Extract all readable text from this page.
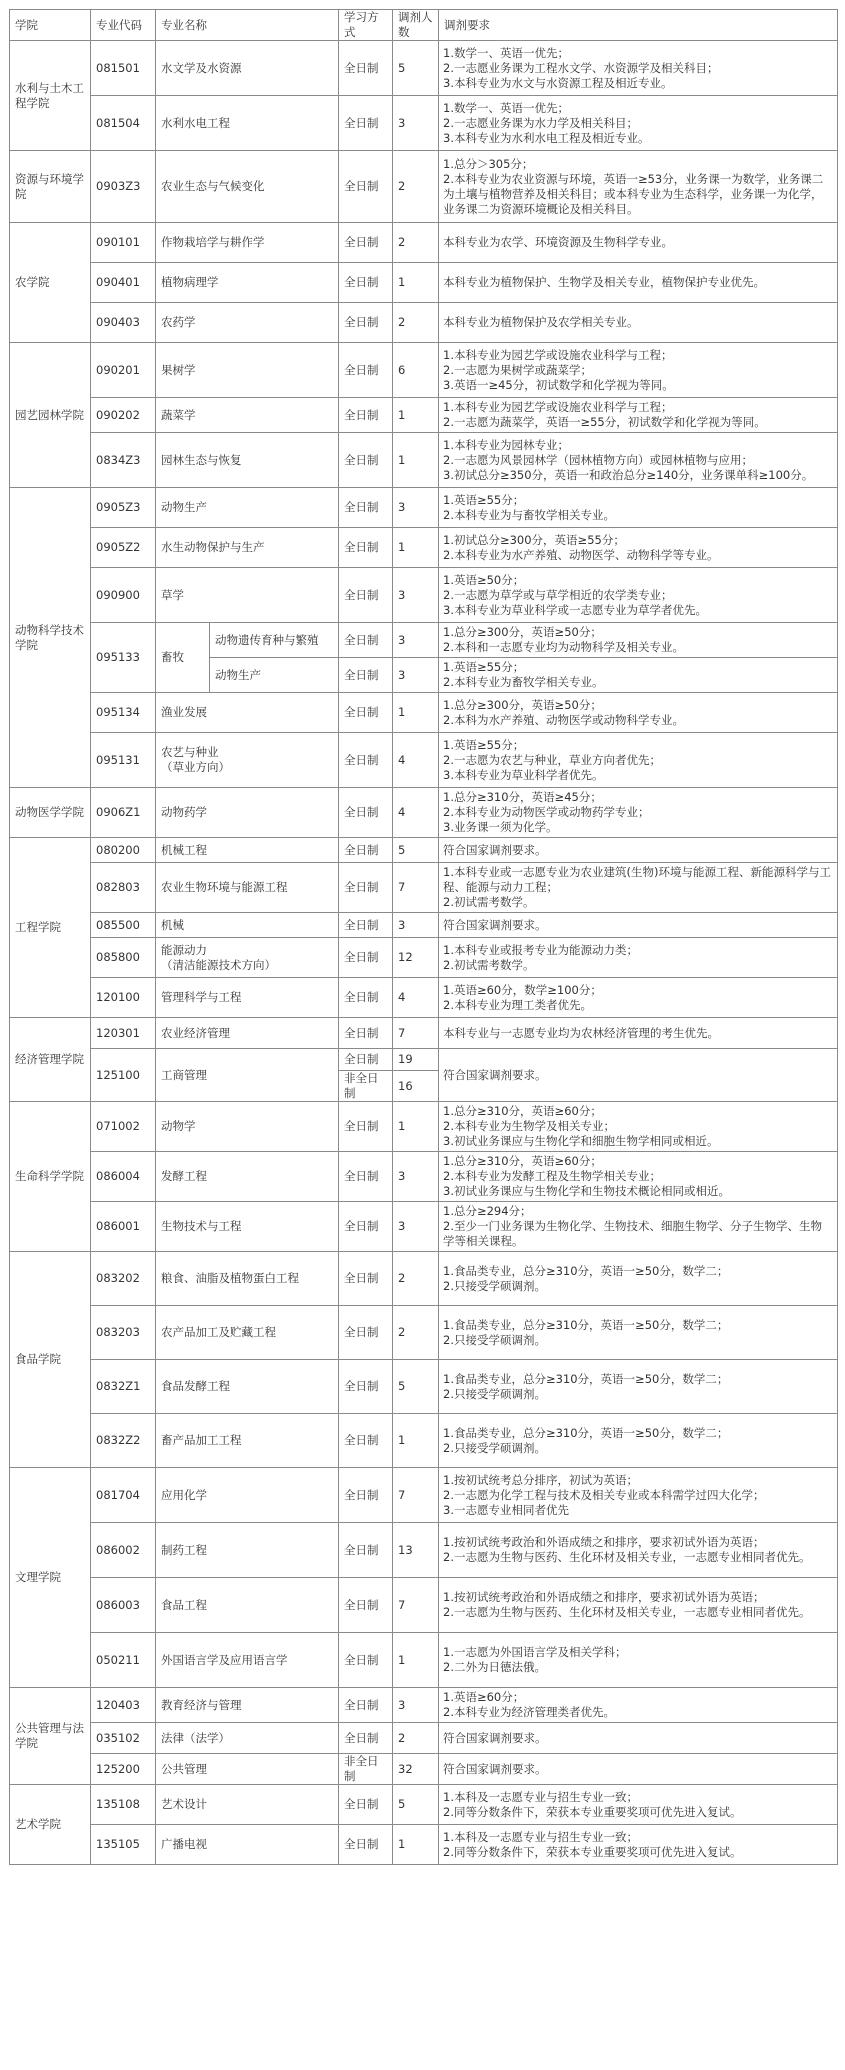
学院	专业代码	专业名称		学习方式	调剂人数	调剂要求
水利与土木工程学院	081501	水文学及水资源		全日制	5	1.数学一、英语一优先；
2.一志愿业务课为工程水文学、水资源学及相关科目；
3.本科专业为水文与水资源工程及相近专业。
	081504	水利水电工程		全日制	3	1.数学一、英语一优先；
2.一志愿业务课为水力学及相关科目；
3.本科专业为水利水电工程及相近专业。
资源与环境学院	0903Z3	农业生态与气候变化		全日制	2	1.总分＞305分；
2.本科专业为农业资源与环境，英语一≥53分，业务课一为数学，业务课二为土壤与植物营养及相关科目；或本科专业为生态科学，业务课一为化学，业务课二为资源环境概论及相关科目。
农学院	090101	作物栽培学与耕作学		全日制	2	本科专业为农学、环境资源及生物科学专业。
	090401	植物病理学		全日制	1	本科专业为植物保护、生物学及相关专业，植物保护专业优先。
	090403	农药学		全日制	2	本科专业为植物保护及农学相关专业。
园艺园林学院	090201	果树学		全日制	6	1.本科专业为园艺学或设施农业科学与工程；
2.一志愿为果树学或蔬菜学；
3.英语一≥45分，初试数学和化学视为等同。
	090202	蔬菜学		全日制	1	1.本科专业为园艺学或设施农业科学与工程；
2.一志愿为蔬菜学，英语一≥55分，初试数学和化学视为等同。
	0834Z3	园林生态与恢复		全日制	1	1.本科专业为园林专业；
2.一志愿为风景园林学（园林植物方向）或园林植物与应用；
3.初试总分≥350分，英语一和政治总分≥140分，业务课单科≥100分。
动物科学技术学院	0905Z3	动物生产		全日制	3	1.英语≥55分；
2.本科专业为与畜牧学相关专业。
	0905Z2	水生动物保护与生产		全日制	1	1.初试总分≥300分，英语≥55分；
2.本科专业为水产养殖、动物医学、动物科学等专业。
	090900	草学		全日制	3	1.英语≥50分；
2.一志愿为草学或与草学相近的农学类专业；
3.本科专业为草业科学或一志愿专业为草学者优先。
	095133	畜牧	动物遗传育种与繁殖	全日制	3	1.总分≥300分，英语≥50分；
2.本科和一志愿专业均为动物科学及相关专业。
			动物生产	全日制	3	1.英语≥55分；
2.本科专业为畜牧学相关专业。
	095134	渔业发展		全日制	1	1.总分≥300分，英语≥50分；
2.本科为水产养殖、动物医学或动物科学专业。
	095131	农艺与种业
（草业方向）		全日制	4	1.英语≥55分；
2.一志愿为农艺与种业，草业方向者优先；
3.本科专业为草业科学者优先。
动物医学学院	0906Z1	动物药学		全日制	4	1.总分≥310分，英语≥45分；
2.本科专业为动物医学或动物药学专业；
3.业务课一须为化学。
工程学院	080200	机械工程		全日制	5	符合国家调剂要求。
	082803	农业生物环境与能源工程		全日制	7	1.本科专业或一志愿专业为农业建筑(生物)环境与能源工程、新能源科学与工程、能源与动力工程；
2.初试需考数学。
	085500	机械		全日制	3	符合国家调剂要求。
	085800	能源动力
（清洁能源技术方向）		全日制	12	1.本科专业或报考专业为能源动力类；
2.初试需考数学。
	120100	管理科学与工程		全日制	4	1.英语≥60分，数学≥100分；
2.本科专业为理工类者优先。
经济管理学院	120301	农业经济管理		全日制	7	本科专业与一志愿专业均为农林经济管理的考生优先。
	125100	工商管理		全日制	19	符合国家调剂要求。
				非全日制	16	
生命科学学院	071002	动物学		全日制	1	1.总分≥310分，英语≥60分；
2.本科专业为生物学及相关专业；
3.初试业务课应与生物化学和细胞生物学相同或相近。
	086004	发酵工程		全日制	3	1.总分≥310分，英语≥60分；
2.本科专业为发酵工程及生物学相关专业；
3.初试业务课应与生物化学和生物技术概论相同或相近。
	086001	生物技术与工程		全日制	3	1.总分≥294分；
2.至少一门业务课为生物化学、生物技术、细胞生物学、分子生物学、生物学等相关课程。
食品学院	083202	粮食、油脂及植物蛋白工程		全日制	2	1.食品类专业，总分≥310分，英语一≥50分，数学二；
2.只接受学硕调剂。
	083203	农产品加工及贮藏工程		全日制	2	1.食品类专业，总分≥310分，英语一≥50分，数学二；
2.只接受学硕调剂。
	0832Z1	食品发酵工程		全日制	5	1.食品类专业，总分≥310分，英语一≥50分，数学二；
2.只接受学硕调剂。
	0832Z2	畜产品加工工程		全日制	1	1.食品类专业，总分≥310分，英语一≥50分，数学二；
2.只接受学硕调剂。
文理学院	081704	应用化学		全日制	7	1.按初试统考总分排序，初试为英语；
2.一志愿为化学工程与技术及相关专业或本科需学过四大化学；
3.一志愿专业相同者优先
	086002	制药工程		全日制	13	1.按初试统考政治和外语成绩之和排序，要求初试外语为英语；
2.一志愿为生物与医药、生化环材及相关专业，一志愿专业相同者优先。
	086003	食品工程		全日制	7	1.按初试统考政治和外语成绩之和排序，要求初试外语为英语；
2.一志愿为生物与医药、生化环材及相关专业，一志愿专业相同者优先。
	050211	外国语言学及应用语言学		全日制	1	1.一志愿为外国语言学及相关学科；
2.二外为日德法俄。
公共管理与法学院	120403	教育经济与管理		全日制	3	1.英语≥60分；
2.本科专业为经济管理类者优先。
	035102	法律（法学）		全日制	2	符合国家调剂要求。
	125200	公共管理		非全日制	32	符合国家调剂要求。
艺术学院	135108	艺术设计		全日制	5	1.本科及一志愿专业与招生专业一致；
2.同等分数条件下，荣获本专业重要奖项可优先进入复试。
	135105	广播电视		全日制	1	1.本科及一志愿专业与招生专业一致；
2.同等分数条件下，荣获本专业重要奖项可优先进入复试。
